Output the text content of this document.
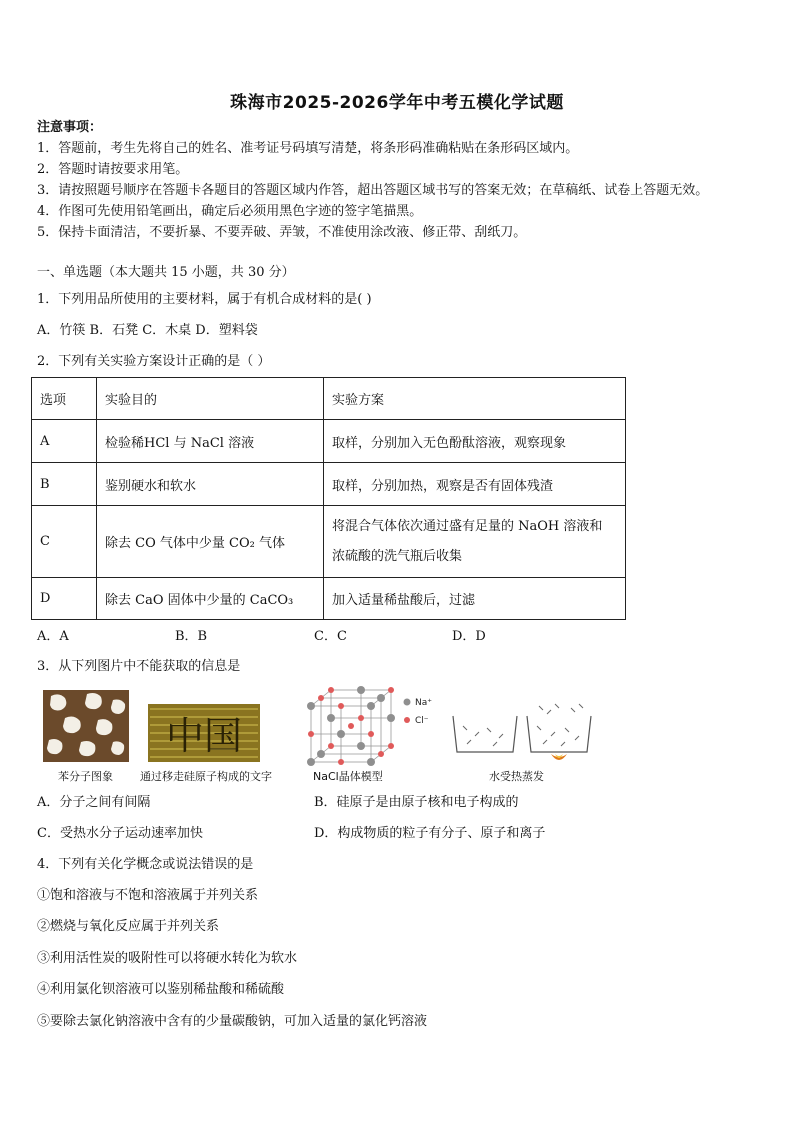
珠海市2025-2026学年中考五模化学试题
注意事项：
1．答题前，考生先将自己的姓名、准考证号码填写清楚，将条形码准确粘贴在条形码区域内。
2．答题时请按要求用笔。
3．请按照题号顺序在答题卡各题目的答题区域内作答，超出答题区域书写的答案无效；在草稿纸、试卷上答题无效。
4．作图可先使用铅笔画出，确定后必须用黑色字迹的签字笔描黑。
5．保持卡面清洁，不要折暴、不要弄破、弄皱，不准使用涂改液、修正带、刮纸刀。
一、单选题（本大题共 15 小题，共 30 分）
1．下列用品所使用的主要材料，属于有机合成材料的是( )
A．竹筷 B．石凳 C．木桌 D．塑料袋
2．下列有关实验方案设计正确的是（ ）
选项	实验目的	实验方案
A	检验稀HCl 与 NaCl 溶液	取样，分别加入无色酚酞溶液，观察现象
B	鉴别硬水和软水	取样，分别加热，观察是否有固体残渣
C	除去 CO 气体中少量 CO₂ 气体	将混合气体依次通过盛有足量的 NaOH 溶液和
浓硫酸的洗气瓶后收集

D	除去 CaO 固体中少量的 CaCO₃	加入适量稀盐酸后，过滤
A．A	B．B	C．C	D．D
3．从下列图片中不能获取的信息是
苯分子图象
中国
通过移走硅原子构成的文字
Na⁺
Cl⁻
NaCl晶体模型	水受热蒸发
A．分子之间有间隔	B．硅原子是由原子核和电子构成的
C．受热水分子运动速率加快	D．构成物质的粒子有分子、原子和离子
4．下列有关化学概念或说法错误的是
①饱和溶液与不饱和溶液属于并列关系
②燃烧与氧化反应属于并列关系
③利用活性炭的吸附性可以将硬水转化为软水
④利用氯化钡溶液可以鉴别稀盐酸和稀硫酸
⑤要除去氯化钠溶液中含有的少量碳酸钠，可加入适量的氯化钙溶液
